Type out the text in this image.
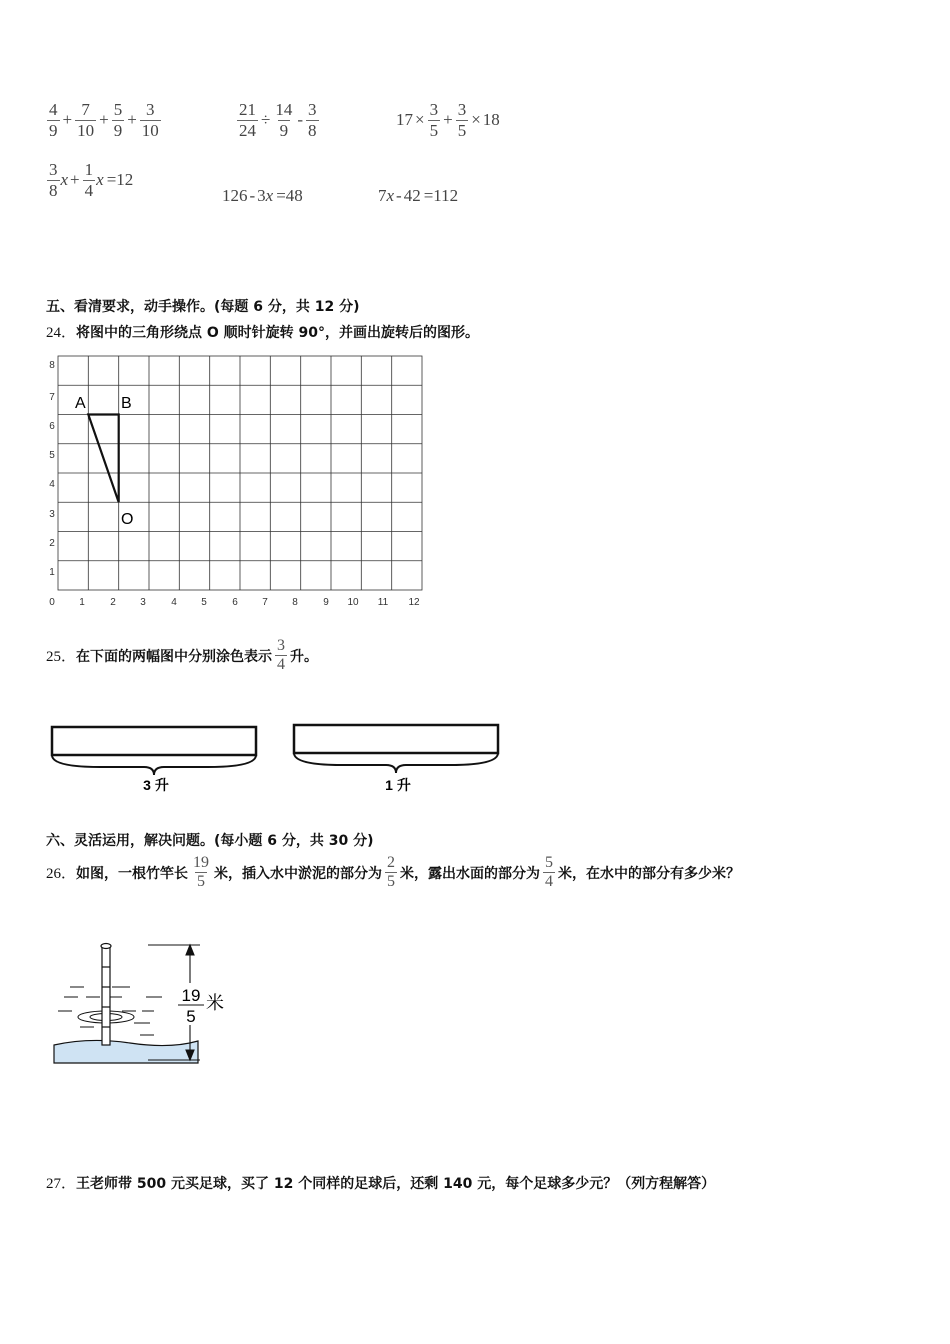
$\frac{4}{9} + \frac{7}{10} + \frac{5}{9} + \frac{3}{10}$	$\frac{21}{24} \div \frac{14}{9} - \frac{3}{8}$	$17 \times \frac{3}{5} + \frac{3}{5} \times 18$
$\frac{3}{8}$ $x + \frac{1}{4}$ x =12
126 - 3 x =48	7 x - 42 =112
五、看清要求，动手操作。(每题 6 分，共 12 分)
24． 将图中的三角形绕点 O 顺时针旋转 90°，并画出旋转后的图形。
A B
O
1
2
3
4
5
6
7
8
0 1	2 3	4 5	6 7 8	9 10 11 12
25． 在下面的两幅图中分别涂色表示 $\frac{3}{4}$ 升。
3 升	1 升
六、灵活运用，解决问题。(每小题 6 分，共 30 分)
26． 如图，一根竹竿长 $\frac{19}{5}$ 米，插入水中淤泥的部分为 $\frac{2}{5}$ 米，露出水面的部分为 $\frac{5}{4}$ 米，在水中的部分有多少米？
19
5
米
27． 王老师带 500 元买足球，买了 12 个同样的足球后，还剩 140 元，每个足球多少元？（列方程解答）
